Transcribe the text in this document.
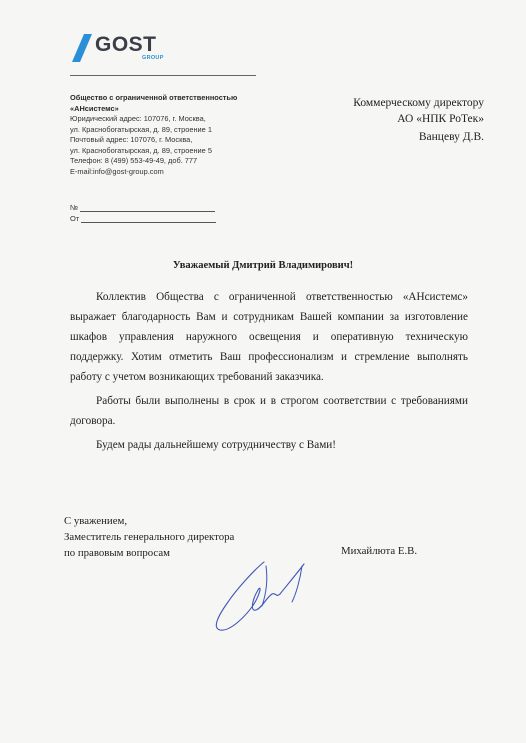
GOST
GROUP
Общество с ограниченной ответственностью
«АНсистемс»
Юридический адрес: 107076, г. Москва,
ул. Краснобогатырская, д. 89, строение 1
Почтовый адрес: 107076, г. Москва,
ул. Краснобогатырская, д. 89, строение 5
Телефон: 8 (499) 553-49-49, доб. 777
E-mail:info@gost-group.com
Коммерческому директору
АО «НПК РоТек»
Ванцеву Д.В.
№
От
Уважаемый Дмитрий Владимирович!

Коллектив Общества с ограниченной ответственностью «АНсистемс» выражает благодарность Вам и сотрудникам Вашей компании за изготовление шкафов управления наружного освещения и оперативную техническую поддержку. Хотим отметить Ваш профессионализм и стремление выполнять работу с учетом возникающих требований заказчика.

Работы были выполнены в срок и в строгом соответствии с требованиями договора.

Будем рады дальнейшему сотрудничеству с Вами!

С уважением,
Заместитель генерального директора
по правовым вопросам	Михайлюта Е.В.
